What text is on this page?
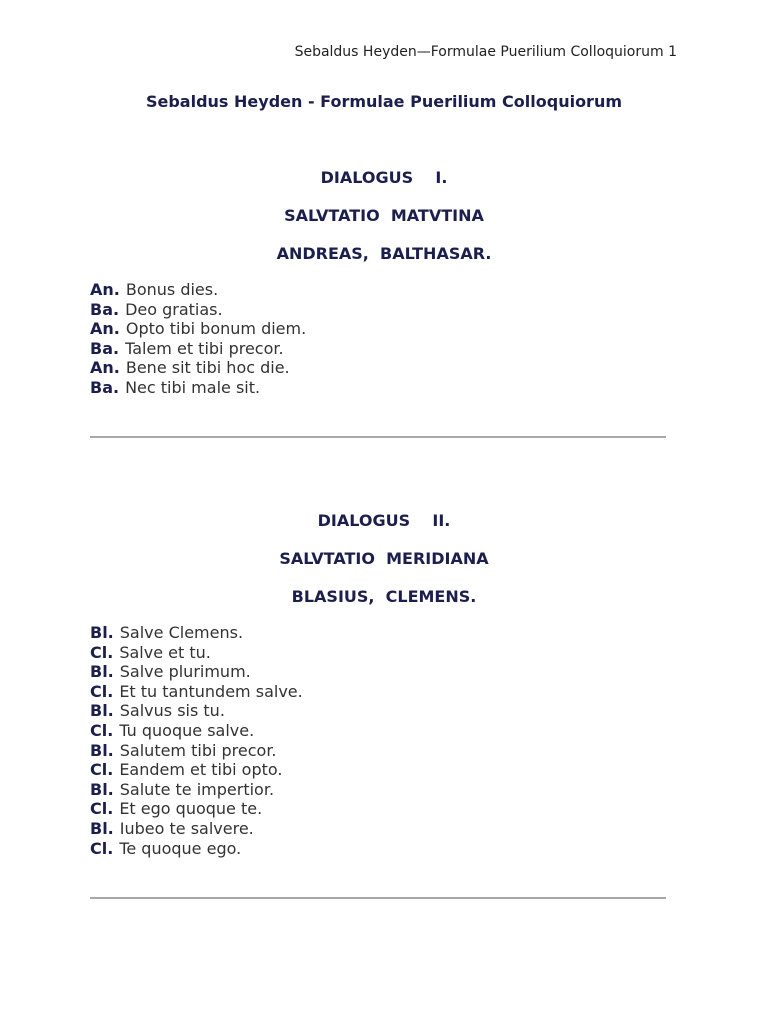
Sebaldus Heyden—Formulae Puerilium Colloquiorum 1
Sebaldus Heyden - Formulae Puerilium Colloquiorum
DIALOGUS    I.
SALVTATIO  MATVTINA
ANDREAS,  BALTHASAR.
An. Bonus dies.
Ba. Deo gratias.
An. Opto tibi bonum diem.
Ba. Talem et tibi precor.
An. Bene sit tibi hoc die.
Ba. Nec tibi male sit.
DIALOGUS    II.
SALVTATIO  MERIDIANA
BLASIUS,  CLEMENS.
Bl. Salve Clemens.
Cl. Salve et tu.
Bl. Salve plurimum.
Cl. Et tu tantundem salve.
Bl. Salvus sis tu.
Cl. Tu quoque salve.
Bl. Salutem tibi precor.
Cl. Eandem et tibi opto.
Bl. Salute te impertior.
Cl. Et ego quoque te.
Bl. Iubeo te salvere.
Cl. Te quoque ego.
